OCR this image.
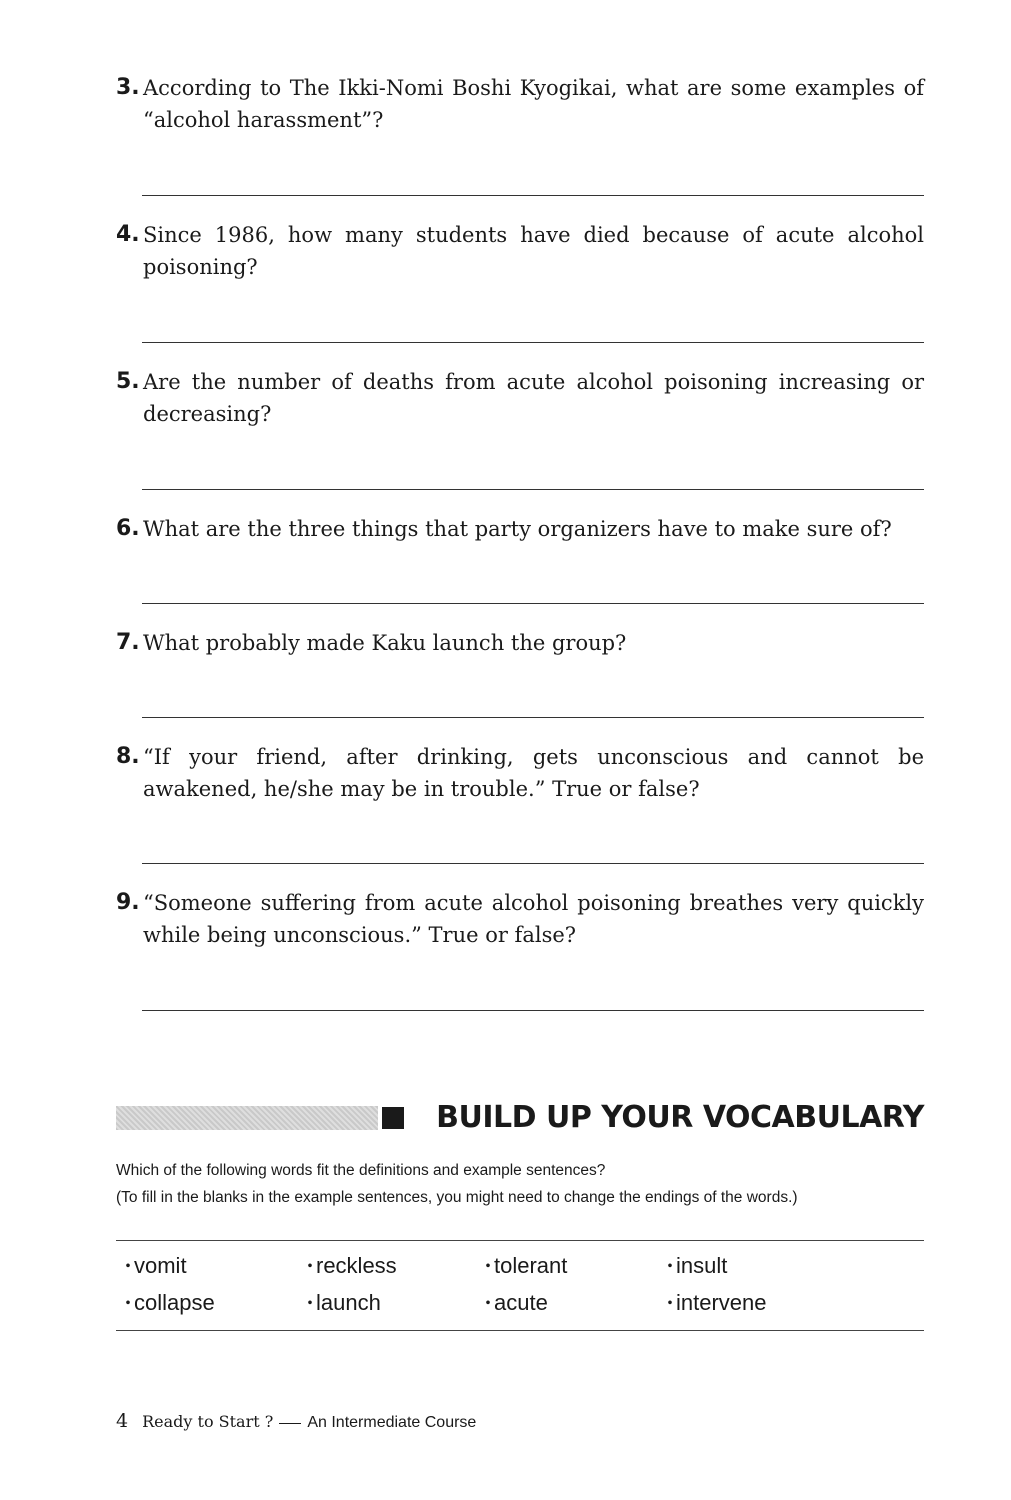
3. According to The Ikki-Nomi Boshi Kyogikai, what are some examples of “alcohol harassment”?
4. Since 1986, how many students have died because of acute alcohol poisoning?
5. Are the number of deaths from acute alcohol poisoning increasing or decreasing?
6. What are the three things that party organizers have to make sure of?
7. What probably made Kaku launch the group?
8. “If your friend, after drinking, gets unconscious and cannot be awakened, he/she may be in trouble.” True or false?
9. “Someone suffering from acute alcohol poisoning breathes very quickly while being unconscious.” True or false?
BUILD UP YOUR VOCABULARY
Which of the following words fit the definitions and example sentences?
(To fill in the blanks in the example sentences, you might need to change the endings of the words.)
・vomit	・reckless	・tolerant	・insult
・collapse	・launch	・acute	・intervene
4 Ready to Start ? An Intermediate Course
